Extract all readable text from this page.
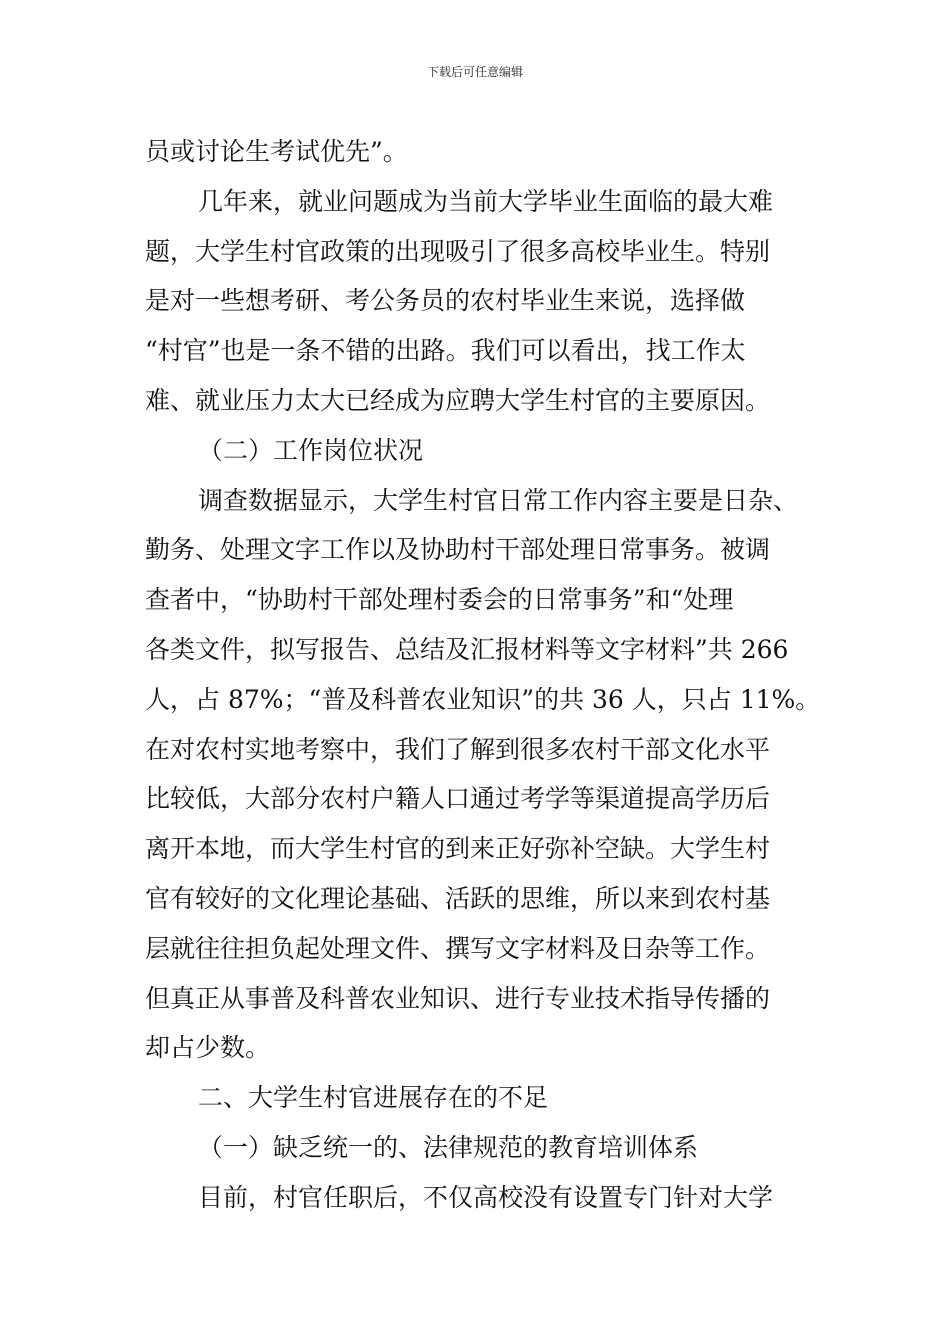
下载后可任意编辑
员或讨论生考试优先”。
几年来，就业问题成为当前大学毕业生面临的最大难
题，大学生村官政策的出现吸引了很多高校毕业生。特别
是对一些想考研、考公务员的农村毕业生来说，选择做
“村官”也是一条不错的出路。我们可以看出，找工作太
难、就业压力太大已经成为应聘大学生村官的主要原因。
（二）工作岗位状况
调查数据显示，大学生村官日常工作内容主要是日杂、
勤务、处理文字工作以及协助村干部处理日常事务。被调
查者中，“协助村干部处理村委会的日常事务”和“处理
各类文件，拟写报告、总结及汇报材料等文字材料”共 266
人，占 87%；“普及科普农业知识”的共 36 人，只占 11%。
在对农村实地考察中，我们了解到很多农村干部文化水平
比较低，大部分农村户籍人口通过考学等渠道提高学历后
离开本地，而大学生村官的到来正好弥补空缺。大学生村
官有较好的文化理论基础、活跃的思维，所以来到农村基
层就往往担负起处理文件、撰写文字材料及日杂等工作。
但真正从事普及科普农业知识、进行专业技术指导传播的
却占少数。
二、大学生村官进展存在的不足
（一）缺乏统一的、法律规范的教育培训体系
目前，村官任职后，不仅高校没有设置专门针对大学
